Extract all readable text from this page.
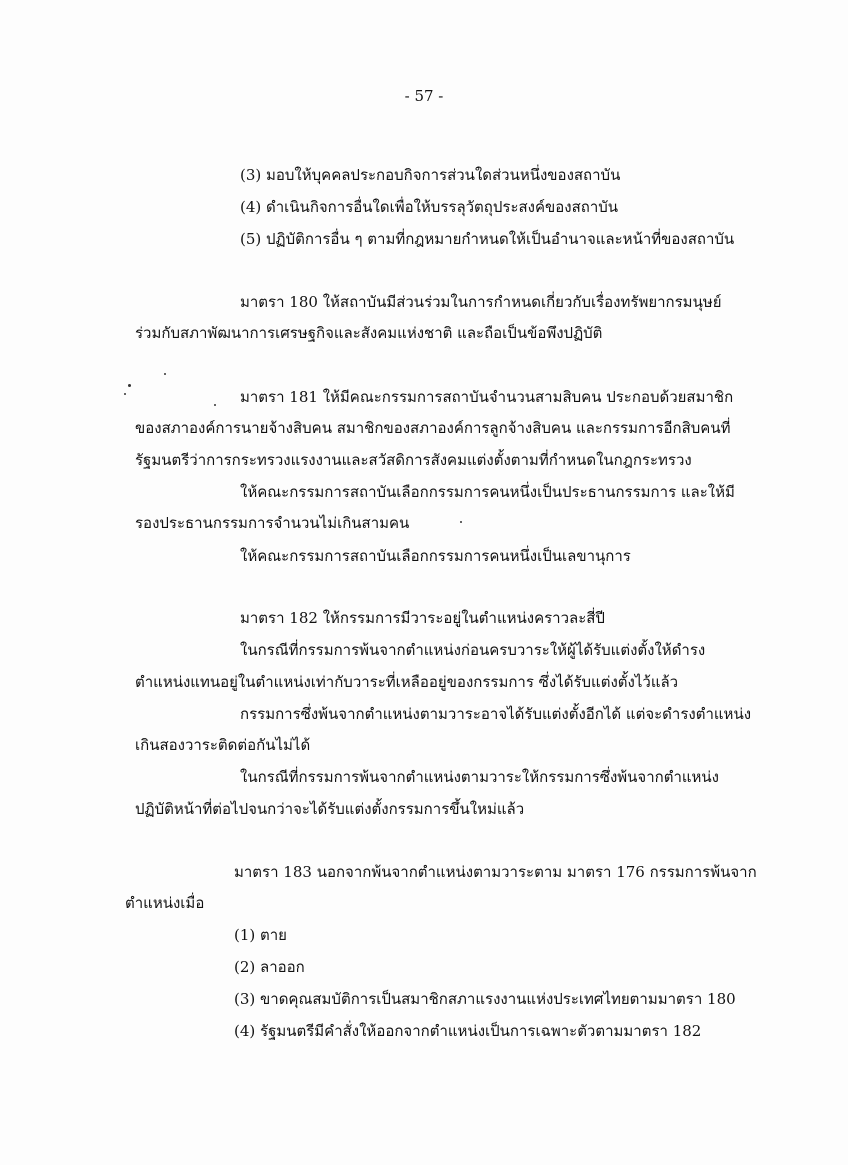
- 57 -
(3) มอบให้บุคคลประกอบกิจการส่วนใดส่วนหนึ่งของสถาบัน
(4) ดำเนินกิจการอื่นใดเพื่อให้บรรลุวัตถุประสงค์ของสถาบัน
(5) ปฏิบัติการอื่น ๆ ตามที่กฎหมายกำหนดให้เป็นอำนาจและหน้าที่ของสถาบัน
มาตรา 180 ให้สถาบันมีส่วนร่วมในการกำหนดเกี่ยวกับเรื่องทรัพยากรมนุษย์
ร่วมกับสภาพัฒนาการเศรษฐกิจและสังคมแห่งชาติ และถือเป็นข้อพึงปฏิบัติ
มาตรา 181 ให้มีคณะกรรมการสถาบันจำนวนสามสิบคน ประกอบด้วยสมาชิก
ของสภาองค์การนายจ้างสิบคน สมาชิกของสภาองค์การลูกจ้างสิบคน และกรรมการอีกสิบคนที่
รัฐมนตรีว่าการกระทรวงแรงงานและสวัสดิการสังคมแต่งตั้งตามที่กำหนดในกฎกระทรวง
ให้คณะกรรมการสถาบันเลือกกรรมการคนหนึ่งเป็นประธานกรรมการ และให้มี
รองประธานกรรมการจำนวนไม่เกินสามคน
ให้คณะกรรมการสถาบันเลือกกรรมการคนหนึ่งเป็นเลขานุการ
มาตรา 182 ให้กรรมการมีวาระอยู่ในตำแหน่งคราวละสี่ปี
ในกรณีที่กรรมการพ้นจากตำแหน่งก่อนครบวาระให้ผู้ได้รับแต่งตั้งให้ดำรง
ตำแหน่งแทนอยู่ในตำแหน่งเท่ากับวาระที่เหลืออยู่ของกรรมการ ซึ่งได้รับแต่งตั้งไว้แล้ว
กรรมการซึ่งพ้นจากตำแหน่งตามวาระอาจได้รับแต่งตั้งอีกได้ แต่จะดำรงตำแหน่ง
เกินสองวาระติดต่อกันไม่ได้
ในกรณีที่กรรมการพ้นจากตำแหน่งตามวาระให้กรรมการซึ่งพ้นจากตำแหน่ง
ปฏิบัติหน้าที่ต่อไปจนกว่าจะได้รับแต่งตั้งกรรมการขึ้นใหม่แล้ว
มาตรา 183 นอกจากพ้นจากตำแหน่งตามวาระตาม มาตรา 176 กรรมการพ้นจาก
ตำแหน่งเมื่อ
(1) ตาย
(2) ลาออก
(3) ขาดคุณสมบัติการเป็นสมาชิกสภาแรงงานแห่งประเทศไทยตามมาตรา 180
(4) รัฐมนตรีมีคำสั่งให้ออกจากตำแหน่งเป็นการเฉพาะตัวตามมาตรา 182
